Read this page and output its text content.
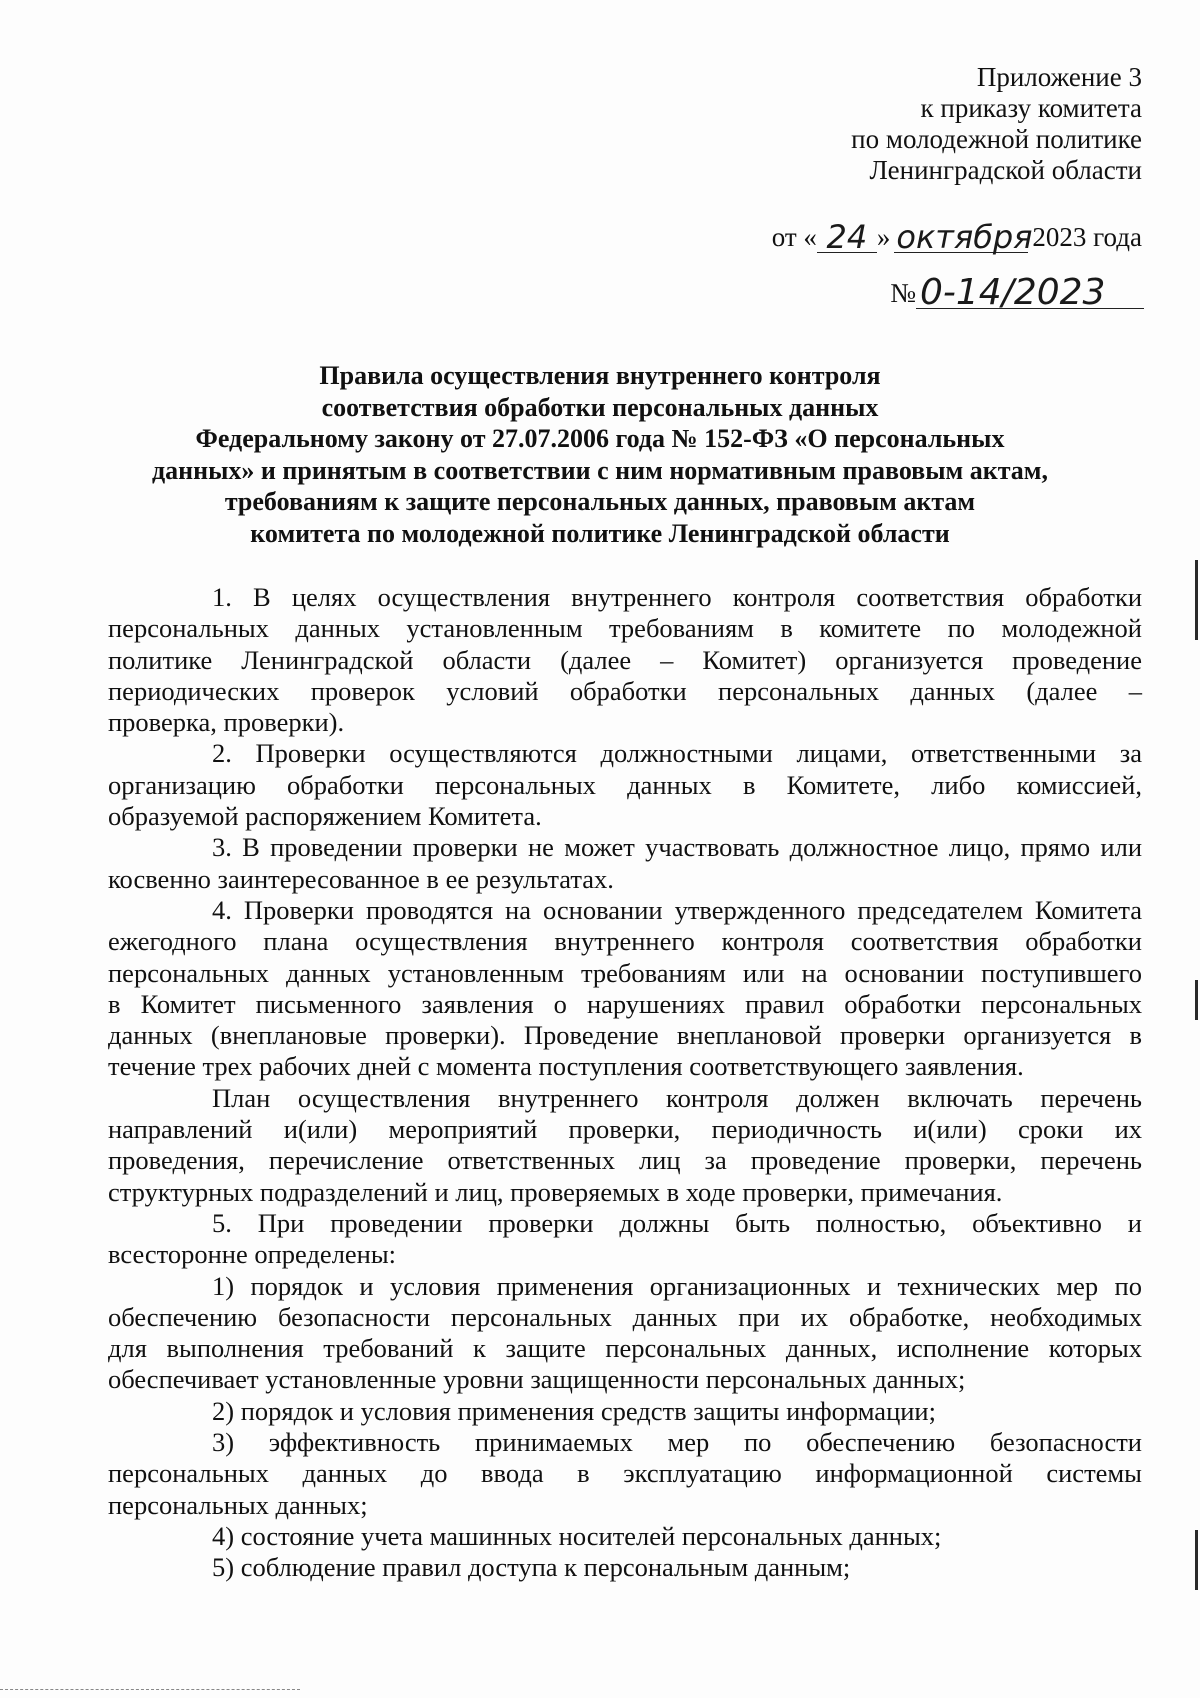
Приложение 3
к приказу комитета
по молодежной политике
Ленинградской области
от « 24 » октября 2023 года
№ 0-14/2023
Правила осуществления внутреннего контроля
соответствия обработки персональных данных
Федеральному закону от 27.07.2006 года № 152-ФЗ «О персональных
данных» и принятым в соответствии с ним нормативным правовым актам,
требованиям к защите персональных данных, правовым актам
комитета по молодежной политике Ленинградской области
1. В целях осуществления внутреннего контроля соответствия обработки
персональных данных установленным требованиям в комитете по молодежной
политике Ленинградской области (далее – Комитет) организуется проведение
периодических проверок условий обработки персональных данных (далее –
проверка, проверки).
2. Проверки осуществляются должностными лицами, ответственными за
организацию обработки персональных данных в Комитете, либо комиссией,
образуемой распоряжением Комитета.
3. В проведении проверки не может участвовать должностное лицо, прямо или
косвенно заинтересованное в ее результатах.
4. Проверки проводятся на основании утвержденного председателем Комитета
ежегодного плана осуществления внутреннего контроля соответствия обработки
персональных данных установленным требованиям или на основании поступившего
в Комитет письменного заявления о нарушениях правил обработки персональных
данных (внеплановые проверки). Проведение внеплановой проверки организуется в
течение трех рабочих дней с момента поступления соответствующего заявления.
План осуществления внутреннего контроля должен включать перечень
направлений и(или) мероприятий проверки, периодичность и(или) сроки их
проведения, перечисление ответственных лиц за проведение проверки, перечень
структурных подразделений и лиц, проверяемых в ходе проверки, примечания.
5. При проведении проверки должны быть полностью, объективно и
всесторонне определены:
1) порядок и условия применения организационных и технических мер по
обеспечению безопасности персональных данных при их обработке, необходимых
для выполнения требований к защите персональных данных, исполнение которых
обеспечивает установленные уровни защищенности персональных данных;
2) порядок и условия применения средств защиты информации;
3) эффективность принимаемых мер по обеспечению безопасности
персональных данных до ввода в эксплуатацию информационной системы
персональных данных;
4) состояние учета машинных носителей персональных данных;
5) соблюдение правил доступа к персональным данным;
